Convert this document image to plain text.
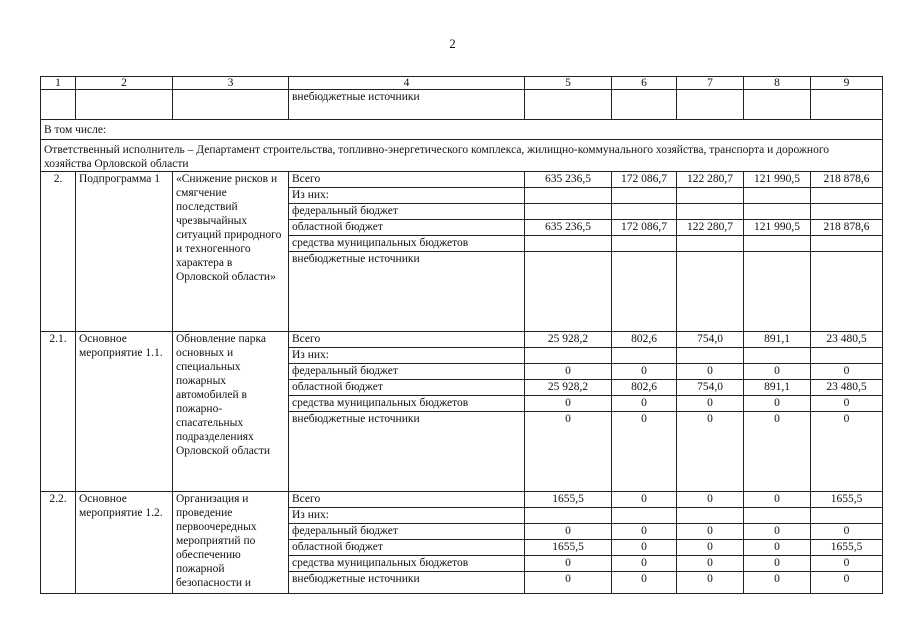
2
1	2	3	4	5	6	7	8	9
			внебюджетные источники					
В том числе:								
Ответственный исполнитель – Департамент строительства, топливно-энергетического комплекса, жилищно-коммунального хозяйства, транспорта и дорожного хозяйства Орловской области								
2.	Подпрограмма 1	«Снижение рисков и смягчение последствий чрезвычайных ситуаций природного и техногенного характера в Орловской области»	Всего	635 236,5	172 086,7	122 280,7	121 990,5	218 878,6
			Из них:					
			федеральный бюджет					
			областной бюджет	635 236,5	172 086,7	122 280,7	121 990,5	218 878,6
			средства муниципальных бюджетов					
			внебюджетные источники					
2.1.	Основное мероприятие 1.1.	Обновление парка основных и специальных пожарных автомобилей в пожарно-спасательных подразделениях Орловской области	Всего	25 928,2	802,6	754,0	891,1	23 480,5
			Из них:					
			федеральный бюджет	0	0	0	0	0
			областной бюджет	25 928,2	802,6	754,0	891,1	23 480,5
			средства муниципальных бюджетов	0	0	0	0	0
			внебюджетные источники	0	0	0	0	0
2.2.	Основное мероприятие 1.2.	Организация и проведение первоочередных мероприятий по обеспечению пожарной безопасности и	Всего	1655,5	0	0	0	1655,5
			Из них:					
			федеральный бюджет	0	0	0	0	0
			областной бюджет	1655,5	0	0	0	1655,5
			средства муниципальных бюджетов	0	0	0	0	0
			внебюджетные источники	0	0	0	0	0
